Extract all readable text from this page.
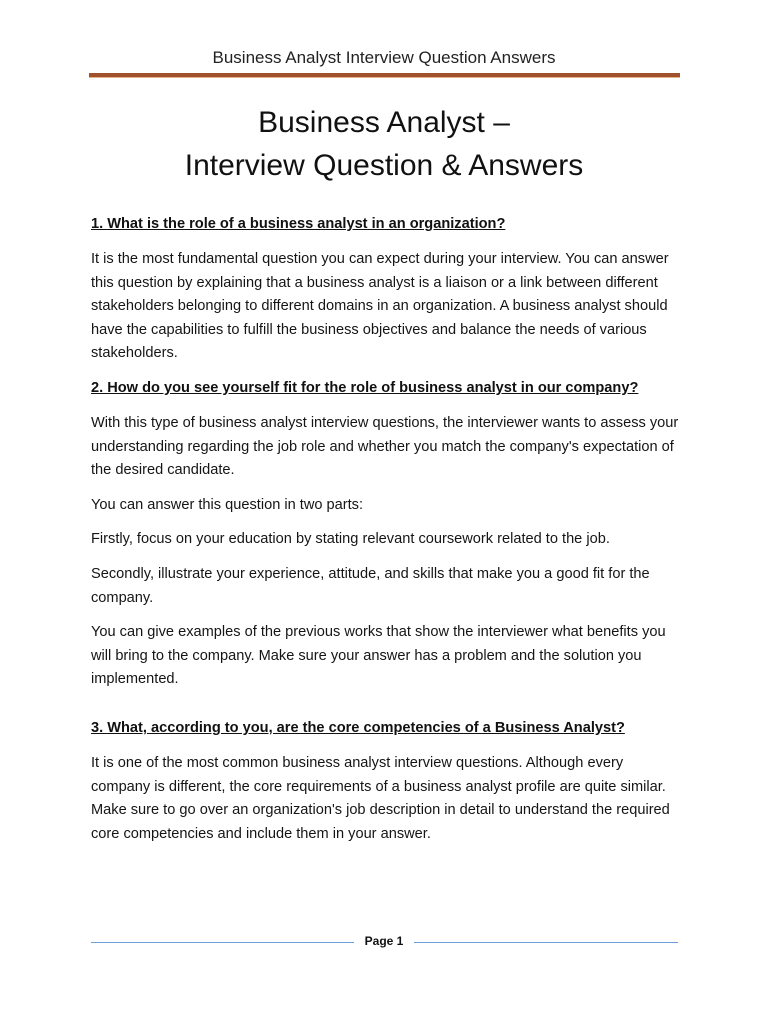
Business Analyst Interview Question Answers
Business Analyst –
Interview Question & Answers
1. What is the role of a business analyst in an organization?
It is the most fundamental question you can expect during your interview. You can answer this question by explaining that a business analyst is a liaison or a link between different stakeholders belonging to different domains in an organization. A business analyst should have the capabilities to fulfill the business objectives and balance the needs of various stakeholders.
2. How do you see yourself fit for the role of business analyst in our company?
With this type of business analyst interview questions, the interviewer wants to assess your understanding regarding the job role and whether you match the company's expectation of the desired candidate.
You can answer this question in two parts:
Firstly, focus on your education by stating relevant coursework related to the job.
Secondly, illustrate your experience, attitude, and skills that make you a good fit for the company.
You can give examples of the previous works that show the interviewer what benefits you will bring to the company. Make sure your answer has a problem and the solution you implemented.
3. What, according to you, are the core competencies of a Business Analyst?
It is one of the most common business analyst interview questions. Although every company is different, the core requirements of a business analyst profile are quite similar. Make sure to go over an organization's job description in detail to understand the required core competencies and include them in your answer.
Page 1
